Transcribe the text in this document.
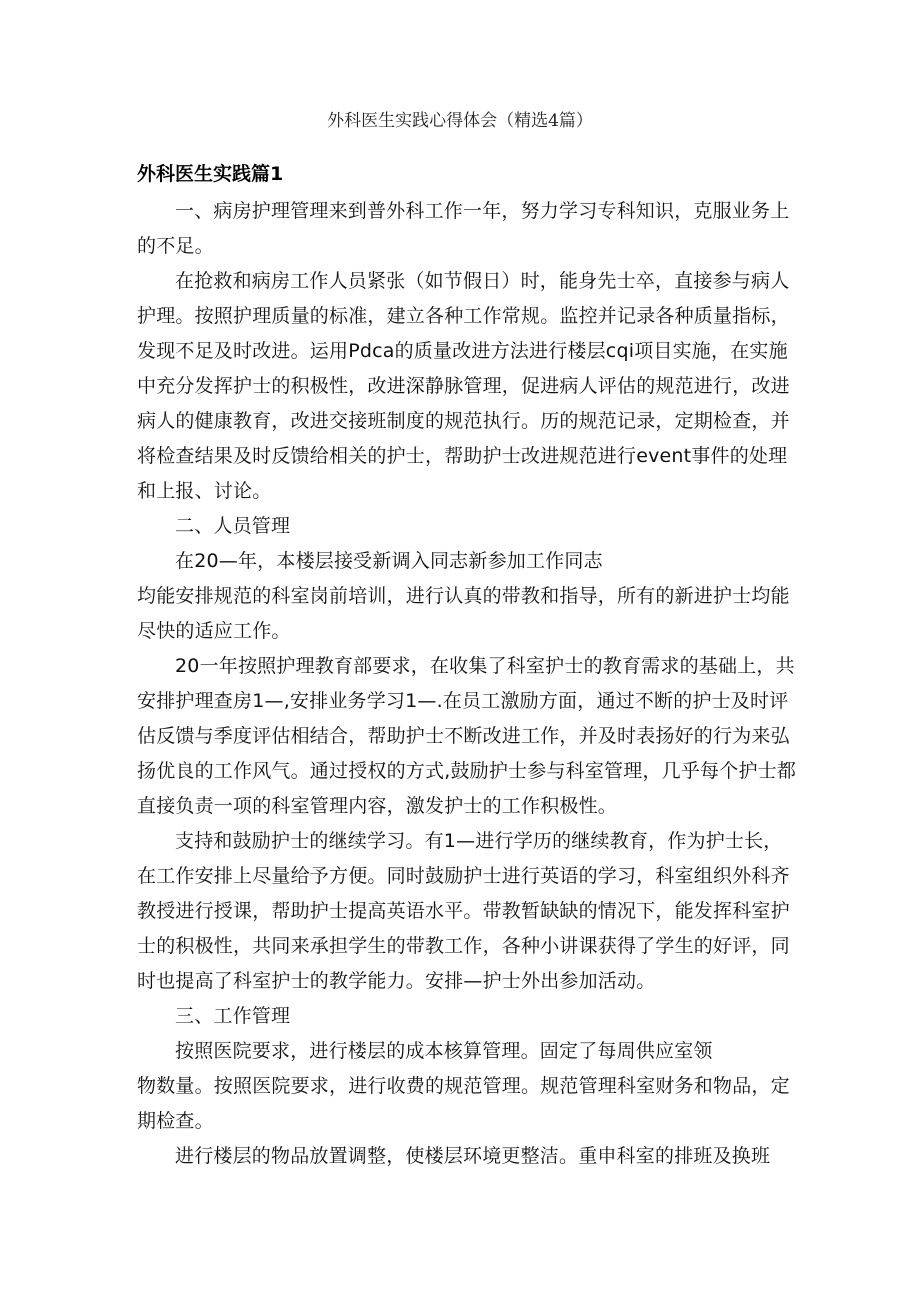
外科医生实践心得体会（精选4篇）
外科医生实践篇1

一、病房护理管理来到普外科工作一年，努力学习专科知识，克服业务上的不足。

在抢救和病房工作人员紧张（如节假日）时，能身先士卒，直接参与病人护理。按照护理质量的标准，建立各种工作常规。监控并记录各种质量指标，发现不足及时改进。运用Pdca的质量改进方法进行楼层cqi项目实施，在实施中充分发挥护士的积极性，改进深静脉管理，促进病人评估的规范进行，改进病人的健康教育，改进交接班制度的规范执行。历的规范记录，定期检查，并将检查结果及时反馈给相关的护士，帮助护士改进规范进行event事件的处理和上报、讨论。

二、人员管理

在20—年，本楼层接受新调入同志新参加工作同志

均能安排规范的科室岗前培训，进行认真的带教和指导，所有的新进护士均能尽快的适应工作。

20一年按照护理教育部要求，在收集了科室护士的教育需求的基础上，共安排护理查房1—,安排业务学习1—.在员工激励方面，通过不断的护士及时评估反馈与季度评估相结合，帮助护士不断改进工作，并及时表扬好的行为来弘扬优良的工作风气。通过授权的方式,鼓励护士参与科室管理，几乎每个护士都直接负责一项的科室管理内容，激发护士的工作积极性。

支持和鼓励护士的继续学习。有1—进行学历的继续教育，作为护士长，在工作安排上尽量给予方便。同时鼓励护士进行英语的学习，科室组织外科齐教授进行授课，帮助护士提高英语水平。带教暂缺缺的情况下，能发挥科室护士的积极性，共同来承担学生的带教工作，各种小讲课获得了学生的好评，同时也提高了科室护士的教学能力。安排—护士外出参加活动。

三、工作管理

按照医院要求，进行楼层的成本核算管理。固定了每周供应室领

物数量。按照医院要求，进行收费的规范管理。规范管理科室财务和物品，定期检查。

进行楼层的物品放置调整，使楼层环境更整洁。重申科室的排班及换班
